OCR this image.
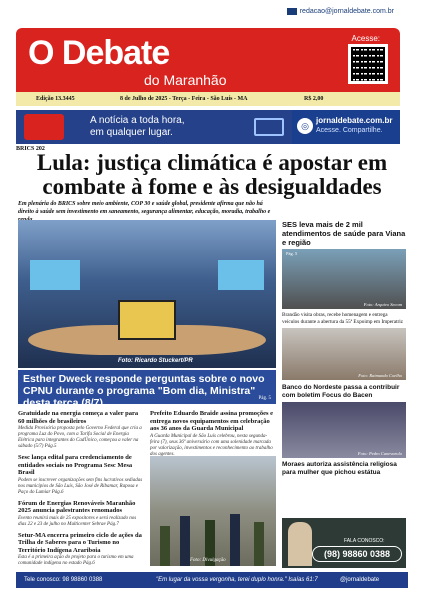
redacao@jornaldebate.com.br
O Debate
do Maranhão
Acesse:
Edição 13.3445	8 de Julho de 2025 - Terça - Feira - São Luís - MA	R$ 2,00
A notícia a toda hora,
em qualquer lugar.
◎
jornaldebate.com.br
Acesse. Compartilhe.
BRICS 202
Lula: justiça climática é apostar em combate à fome e às desigualdades
Em plenária do BRICS sobre meio ambiente, COP 30 e saúde global, presidente afirma que não há direito à saúde sem investimento em saneamento, segurança alimentar, educação, moradia, trabalho e
Foto: Ricardo Stuckert/PR
Esther Dweck responde perguntas sobre o novo CPNU durante o programa "Bom dia, Ministra" desta terça (8/7)	Pág. 5
Gratuidade na energia começa a valer para 60 milhões de brasileiros

Medida Provisória proposta pelo Governo Federal que cria a programa Luz do Povo, com a Tarifa Social de Energia Elétrica para integrantes do CadÚnico, começou a valer na sábado (5/7) Pág.5

Sesc lança edital para credenciamento de entidades sociais no Programa Sesc Mesa Brasil

Podem se inscrever organizações sem fins lucrativos sediadas nos municípios de São Luís, São José de Ribamar, Raposa e Paço do Lumiar Pág.6

Fórum de Energias Renováveis Maranhão 2025 anuncia palestrantes renomados

Evento reunirá mais de 25 expositores e será realizado nos dias 22 e 23 de julho no Multicenter Sebrae Pág.7

Setur-MA encerra primeiro ciclo de ações da Trilha de Saberes para o Turismo no Território Indígena Arariboia

Esta é a primeira ação do projeto para o turismo em uma comunidade indígena no estado Pág.6

Prefeito Eduardo Braide assina promoções e entrega novos equipamentos em celebração aos 36 anos da Guarda Municipal

A Guarda Municipal de São Luís celebrou, nesta segunda-feira (7), seus 36º aniversário com uma solenidade marcada por valorização, investimentos e reconhecimento ao trabalho dos agentes.

Foto: Divulgação
SES leva mais de 2 mil atendimentos de saúde para Viana e região
Pág. 5
Foto: Arquivo Secom
Brandão visita obras, recebe homenagem e entrega veículos durante a abertura da 55ª Expoimp em Imperatriz
Foto: Raimundo Coelho
Banco do Nordeste passa a contribuir com boletim Focus do Bacen
Foto: Pedro Canevarolo
Moraes autoriza assistência religiosa para mulher que pichou estátua
FALA CONOSCO:
(98) 98860 0388
Tele conosco: 98 98860 0388	"Em lugar da vossa vergonha, terei duplo honra." Isaías 61:7	@jornaldebate
